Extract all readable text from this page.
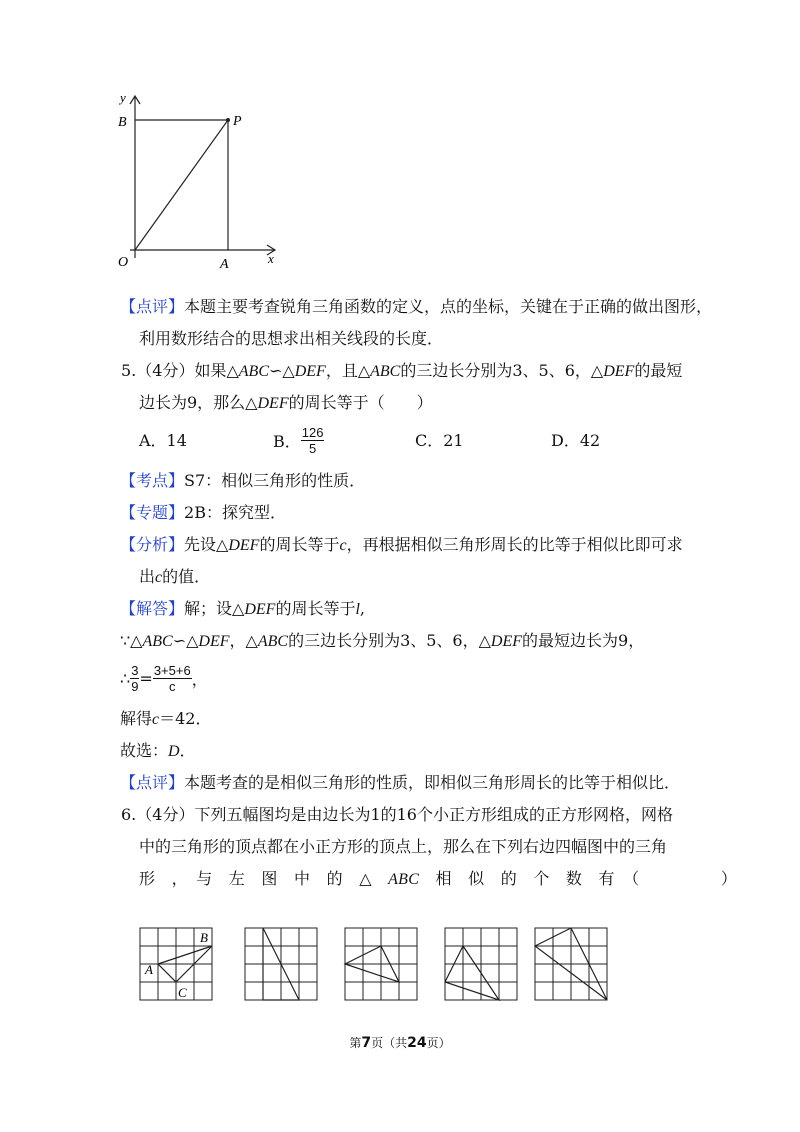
y
B	P
O	A	x
【点评】本题主要考查锐角三角函数的定义，点的坐标，关键在于正确的做出图形，
利用数形结合的思想求出相关线段的长度．
5.（4分）如果△ABC∽△DEF，且△ABC的三边长分别为3、5、6，△DEF的最短
边长为9，那么△DEF的周长等于（　　）
A．14	B． $\frac{126}{5}$	C．21	D．42
【考点】S7：相似三角形的性质．
【专题】2B：探究型．
【分析】先设△DEF的周长等于c，再根据相似三角形周长的比等于相似比即可求
出c的值．
【解答】解；设△DEF的周长等于l,
∵△ABC∽△DEF，△ABC的三边长分别为3、5、6，△DEF的最短边长为9，
∴ $\frac{3}{9} = \frac{3+5+6}{c}$ ，
解得c＝42．
故选：D．
【点评】本题考查的是相似三角形的性质，即相似三角形周长的比等于相似比．
6.（4分）下列五幅图均是由边长为1的16个小正方形组成的正方形网格，网格
中的三角形的顶点都在小正方形的顶点上，那么在下列右边四幅图中的三角
形　，　与　左　图　中　的　△　ABC　相　似　的　个　数　有　（　　　　　）
A
B
C
第7页（共24页）
